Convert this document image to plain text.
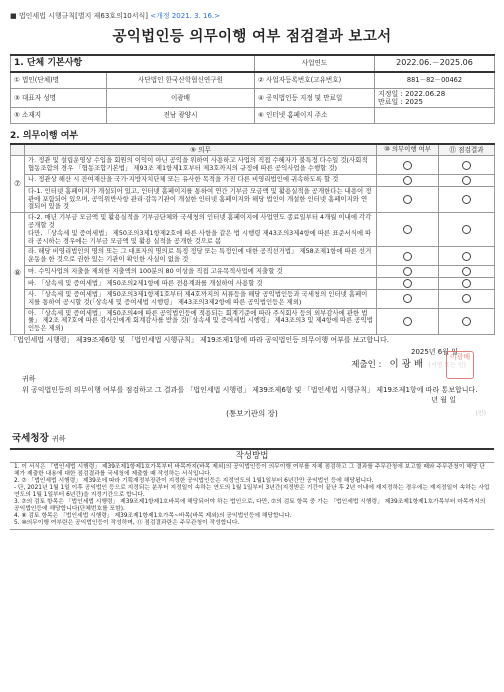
■ 법인세법 시행규칙[별지 제63호의10서식] <개정 2021. 3. 16.>
공익법인등 의무이행 여부 점검결과 보고서
1. 단체 기본사항		사업연도	2022.06.－2025.06
① 법인(단체)명	사단법인 한국산학협신연구원	② 사업자등록번호(고유번호)	881－82－00462
③ 대표자 성명	이광배	④ 공익법인등 지정 및 만료일	지정일 : 2022.06.28
만료일 : 2025
⑤ 소재지	전남 광양시	⑥ 인터넷 홈페이지 주소	
2. 의무이행 여부
	⑨ 의무	⑩ 의무이행 여부	⑪ 점검결과
⑦	가. 정관 및 설립운영상 수입을 회원의 이익이 아닌 공익을 위하여 사용하고 사업의 직접 수혜자가 불특정 다수일 것(사회적협동조합의 경우 「협동조합기본법」 제93조 제1항제1호부터 제3호까지의 규정에 따른 공익사업을 수행할 것)		
	나. 정관상 해산 시 잔여재산을 국가·지방자치단체 또는 유사한 목적을 가진 다른 비영리법인에 귀속하도록 할 것		
	다-1. 인터넷 홈페이지가 개설되어 있고, 인터넷 홈페이지를 통하여 연간 기부금 모금액 및 활용실적을 공개한다는 내용이 정관에 포함되어 있으며, 공익위반사항 관리·감독기관이 개설한 인터넷 홈페이지와 해당 법인이 개설한 인터넷 홈페이지와 연결되어 있을 것		
⑧	다-2. 매년 기부금 모금액 및 활용실적을 기부금단체와 국세청의 인터넷 홈페이지에 사업연도 종료일부터 4개월 이내에 각각 공개할 것
다만, 「상속세 및 증여세법」 제50조의3제1항제2호에 따른 사항을 같은 법 시행령 제43조의3제4항에 따른 표준서식에 따라 공시하는 경우에는 기부금 모금액 및 활용 실적을 공개한 것으로 봄		
	라. 해당 비영리법인의 명의 또는 그 대표자의 명의로 특정 정당 또는 특정인에 대한 공직선거법」 제58조제1항에 따른 선거운동을 한 것으로 권한 있는 기관이 확인한 사실이 없을 것		
	마. 수익사업의 지출을 제외한 지출액의 100분의 80 이상을 직접 고유목적사업에 지출할 것		
	바. 「상속세 및 증여세법」 제50조의2제1항에 따른 전용계좌를 개설하여 사용할 것		
	사. 「상속세 및 증여세법」 제50조의3제1항제1호부터 제4호까지의 서류등을 해당 공익법인등과 국세청의 인터넷 홈페이지를 통하여 공시할 것(「상속세 및 증여세법 시행령」 제43조의3제2항에 따른 공익법인등은 제외)		
	아. 「상속세 및 증여세법」 제50조의4에 따른 공익법인등에 적용되는 회계기준에 따라 주식회사 등의 외부감사에 관한 법률」 제2조 제7호에 따른 감사인에게 회계감사를 받을 것(「상속세 및 증여세법 시행령」 제43조의3 및 제4항에 따른 공익법인등은 제외)		
「법인세법 시행령」 제39조제6항 및 「법인세법 시행규칙」 제19조제1항에 따라 공익법인등 의무이행 여부를 보고합니다.
2025년 6월 일
제출인 : 이 광 배 (서명 또는 인)
이광배
귀하
위 공익법인등의 의무이행 여부를 점검하고 그 결과를 「법인세법 시행령」 제39조제6항 및 「법인세법 시행규칙」 제19조제1항에 따라 통보합니다.
년 월 일
(통보기관의 장)	(인)
국세청장 귀하
작성방법
1. 이 서식은 「법인세법 시행령」 제39조제1항제1호가목부터 바목까지(바목 제외)의 공익법인등이 의무이행 여부를 자체 점검하고 그 결과를 주무관청에 보고할 때와 주무관청이 해당 단체가 제출한 내용에 대한 점검결과를 국세청에 제출할 때 작성하는 서식입니다.
2. ⑦ 「법인세법 시행령」 제39조에 따라 기획재정부장관이 지정한 공익법인등은 지정연도의 1월1일부터 6년간만 공익법인 등에 해당됩니다.
- 단, 2021년 1월 1일 이후 공익법인 등으로 지정되는 분부터 지정일이 속하는 연도의 1월 1일부터 3년간(지정받은 기간이 끝난 후 2년 이내에 재지정하는 경우에는 재지정일이 속하는 사업연도의 1월 1일부터 6년간)을 지정기간으로 합니다.
3. ⑦의 검토 항목은 「법인세법 시행령」 제39조제1항제1호바목에 해당되어야 하는 법인으로, 다만, ⑦의 검토 항목 중 가는 「법인세법 시행령」 제39조제1항제1호가목부터 마목까지의 공익법인등에 해당합니다(단체번호를 포함).
4. ⑧ 검토 항목은 「법인세법 시행령」 제39조제1항제1호가목~바목(바목 제외)의 공익법인등에 해당합니다.
5. ⑩의무이행 여부란은 공익법인등이 작성하며, ⑪ 점검결과란은 주무관청이 작성합니다.
